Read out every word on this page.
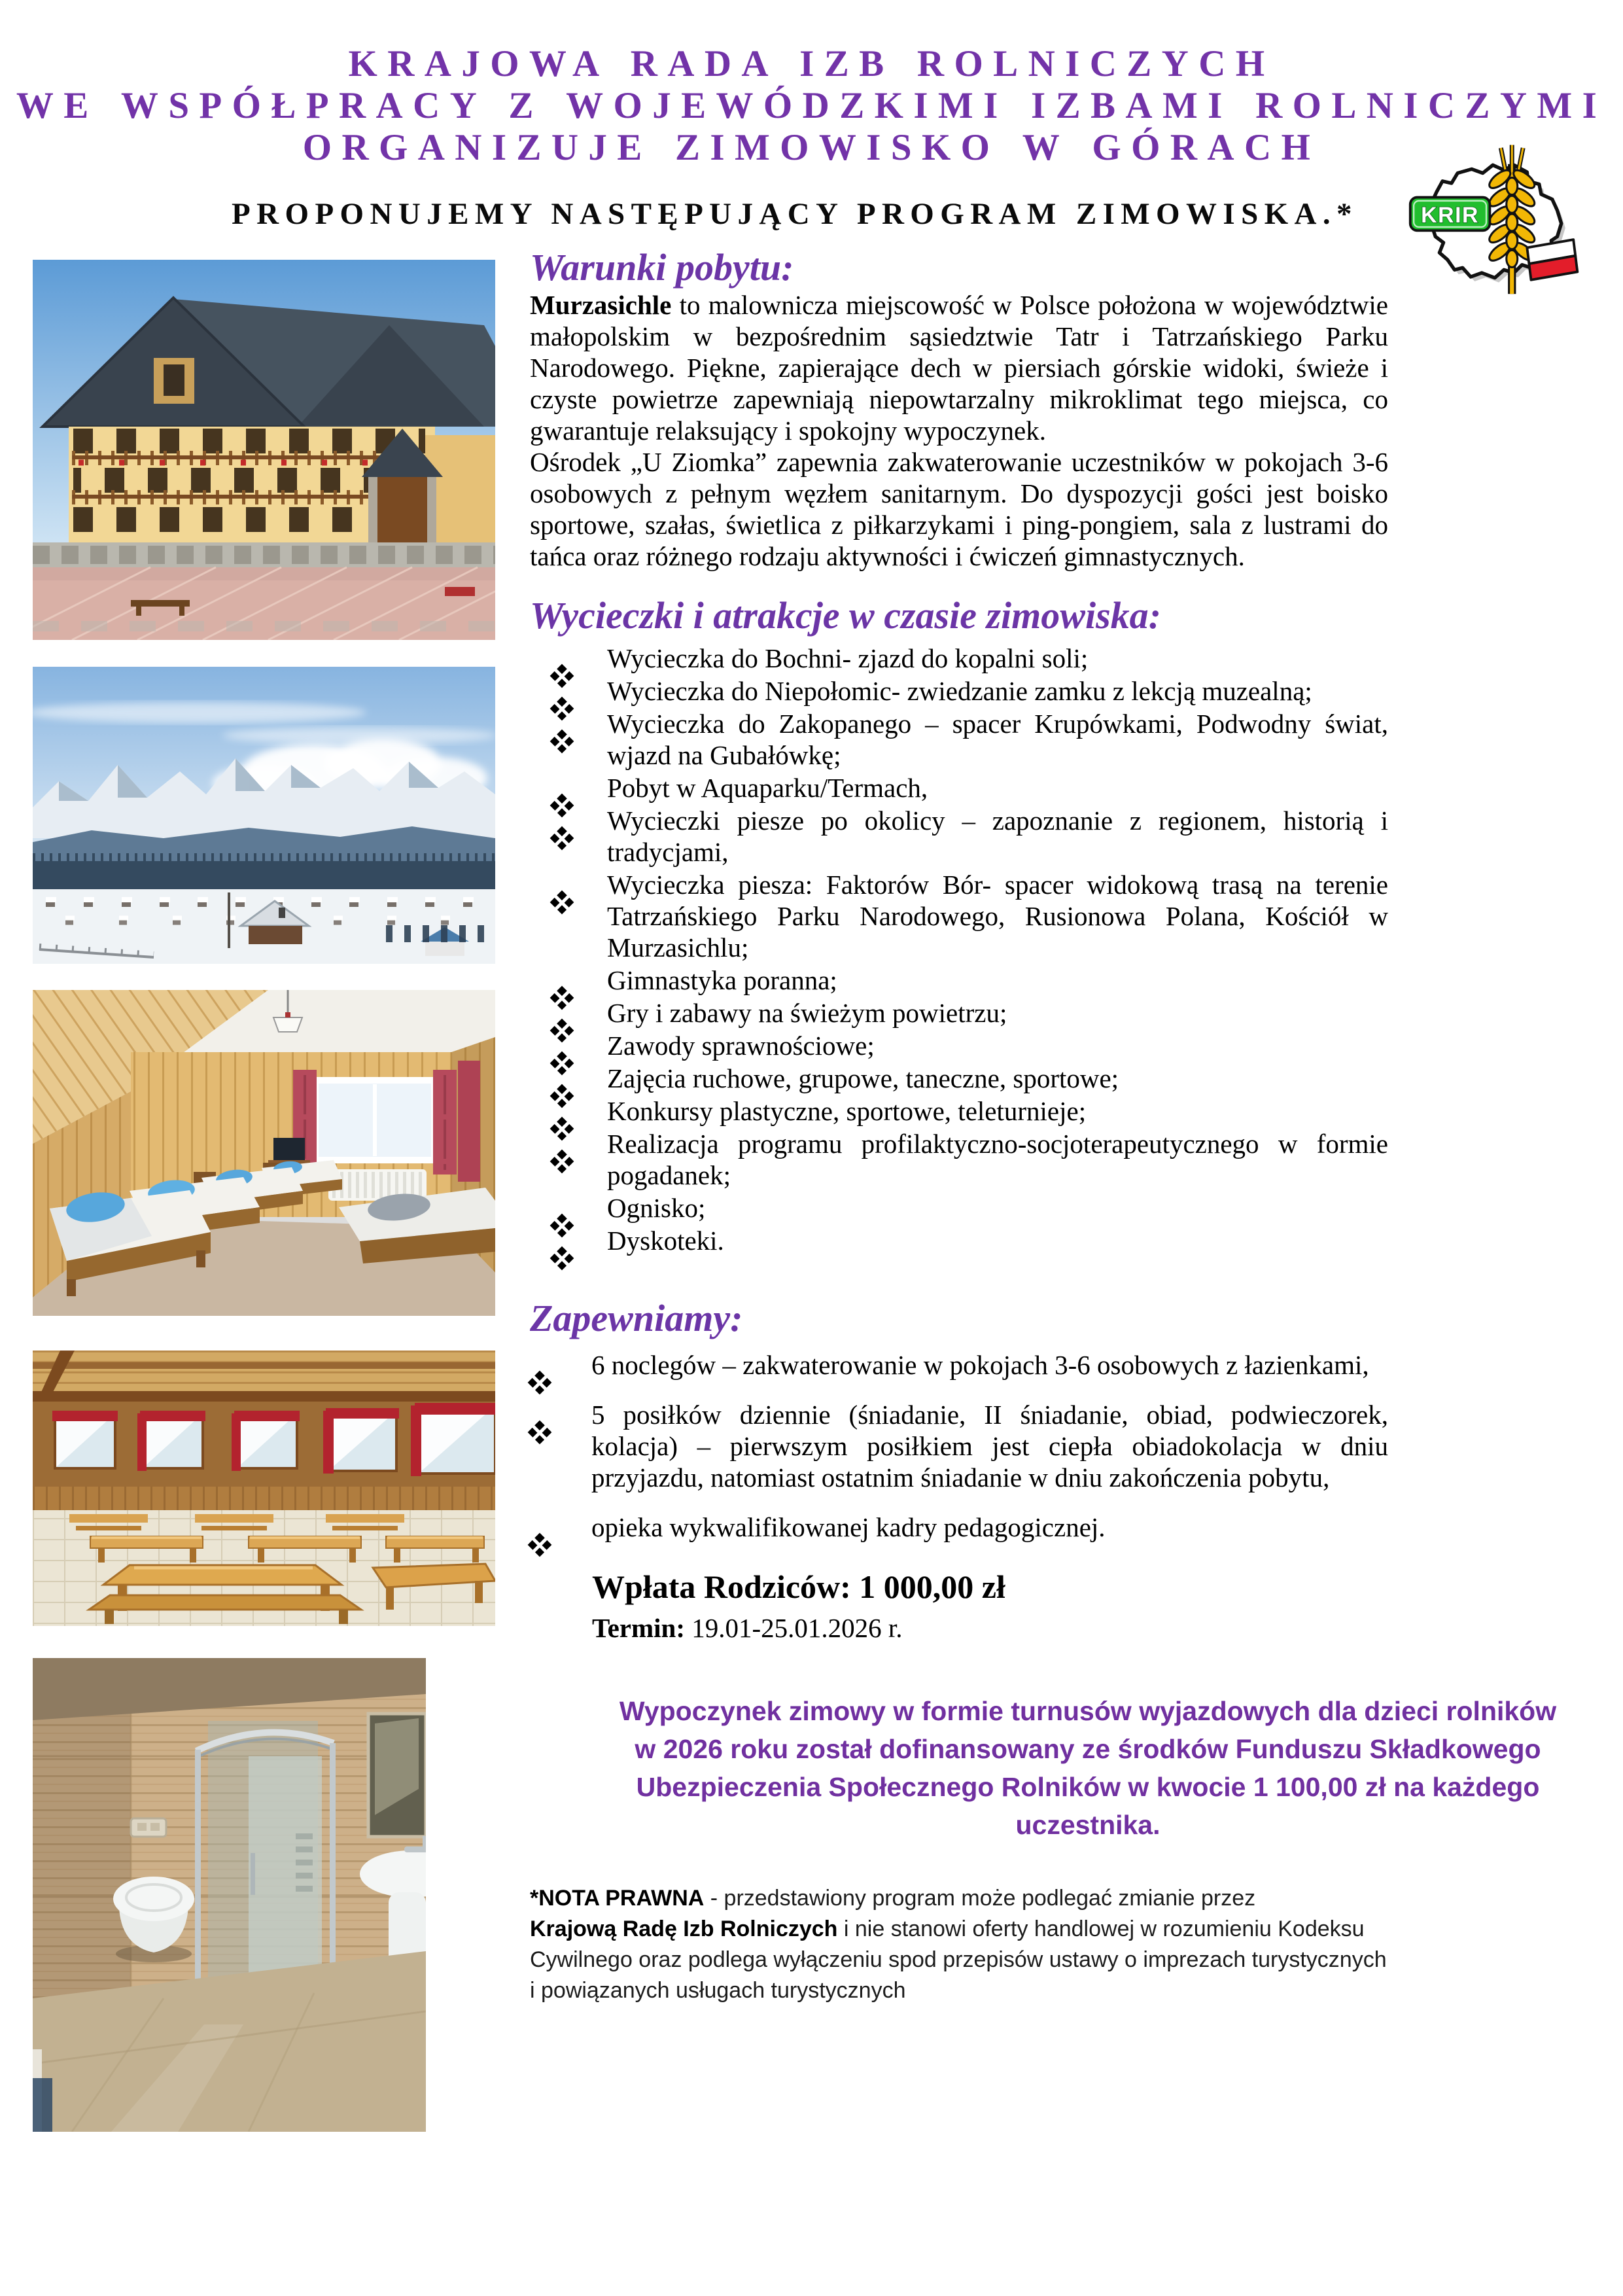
KRAJOWA RADA IZB ROLNICZYCH
WE WSPÓŁPRACY Z WOJEWÓDZKIMI IZBAMI ROLNICZYMI
ORGANIZUJE ZIMOWISKO W GÓRACH
PROPONUJEMY NASTĘPUJĄCY PROGRAM ZIMOWISKA.*	KRIR
Warunki pobytu:

Murzasichle to malownicza miejscowość w Polsce położona w województwie małopolskim w bezpośrednim sąsiedztwie Tatr i Tatrzańskiego Parku Narodowego. Piękne, zapierające dech w piersiach górskie widoki, świeże i czyste powietrze zapewniają niepowtarzalny mikroklimat tego miejsca, co gwarantuje relaksujący i spokojny wypoczynek.

Ośrodek „U Ziomka” zapewnia zakwaterowanie uczestników w pokojach 3-6 osobowych z pełnym węzłem sanitarnym. Do dyspozycji gości jest boisko sportowe, szałas, świetlica z piłkarzykami i ping-pongiem, sala z lustrami do tańca oraz różnego rodzaju aktywności i ćwiczeń gimnastycznych.

Wycieczki i atrakcje w czasie zimowiska:
Wycieczka do Bochni- zjazd do kopalni soli;
Wycieczka do Niepołomic- zwiedzanie zamku z lekcją muzealną;
Wycieczka do Zakopanego – spacer Krupówkami, Podwodny świat, wjazd na Gubałówkę;
Pobyt w Aquaparku/Termach,
Wycieczki piesze po okolicy – zapoznanie z regionem, historią i tradycjami,
Wycieczka piesza: Faktorów Bór- spacer widokową trasą na terenie Tatrzańskiego Parku Narodowego, Rusionowa Polana, Kościół w Murzasichlu;
Gimnastyka poranna;
Gry i zabawy na świeżym powietrzu;
Zawody sprawnościowe;
Zajęcia ruchowe, grupowe, taneczne, sportowe;
Konkursy plastyczne, sportowe, teleturnieje;
Realizacja programu profilaktyczno-socjoterapeutycznego w formie pogadanek;
Ognisko;
Dyskoteki.
Zapewniamy:
6 noclegów – zakwaterowanie w pokojach 3-6 osobowych z łazienkami,
5 posiłków dziennie (śniadanie, II śniadanie, obiad, podwieczorek, kolacja) – pierwszym posiłkiem jest ciepła obiadokolacja w dniu przyjazdu, natomiast ostatnim śniadanie w dniu zakończenia pobytu,
opieka wykwalifikowanej kadry pedagogicznej.
Wpłata Rodziców: 1 000,00 zł
Termin: 19.01-25.01.2026 r.
Wypoczynek zimowy w formie turnusów wyjazdowych dla dzieci rolników
w 2026 roku został dofinansowany ze środków Funduszu Składkowego
Ubezpieczenia Społecznego Rolników w kwocie 1 100,00 zł na każdego
uczestnika.
*NOTA PRAWNA - przedstawiony program może podlegać zmianie przez
Krajową Radę Izb Rolniczych i nie stanowi oferty handlowej w rozumieniu Kodeksu
Cywilnego oraz podlega wyłączeniu spod przepisów ustawy o imprezach turystycznych
i powiązanych usługach turystycznych
